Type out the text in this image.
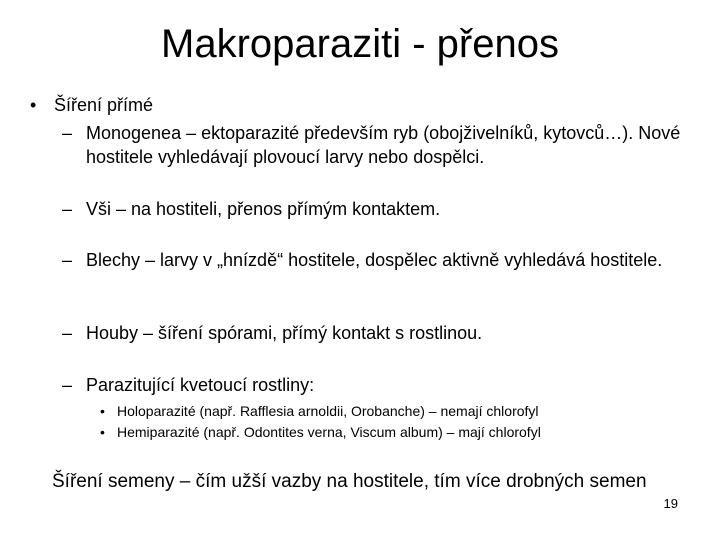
Makroparaziti - přenos
• Šíření přímé
– Monogenea – ektoparazité především ryb (obojživelníků, kytovců…). Nové hostitele vyhledávají plovoucí larvy nebo dospělci.
– Vši – na hostiteli, přenos přímým kontaktem.
– Blechy – larvy v „hnízdě“ hostitele, dospělec aktivně vyhledává hostitele.
– Houby – šíření spórami, přímý kontakt s rostlinou.
– Parazitující kvetoucí rostliny:
• Holoparazité (např. Rafflesia arnoldii, Orobanche) – nemají chlorofyl
• Hemiparazité (např. Odontites verna, Viscum album) – mají chlorofyl
Šíření semeny – čím užší vazby na hostitele, tím více drobných semen
19
